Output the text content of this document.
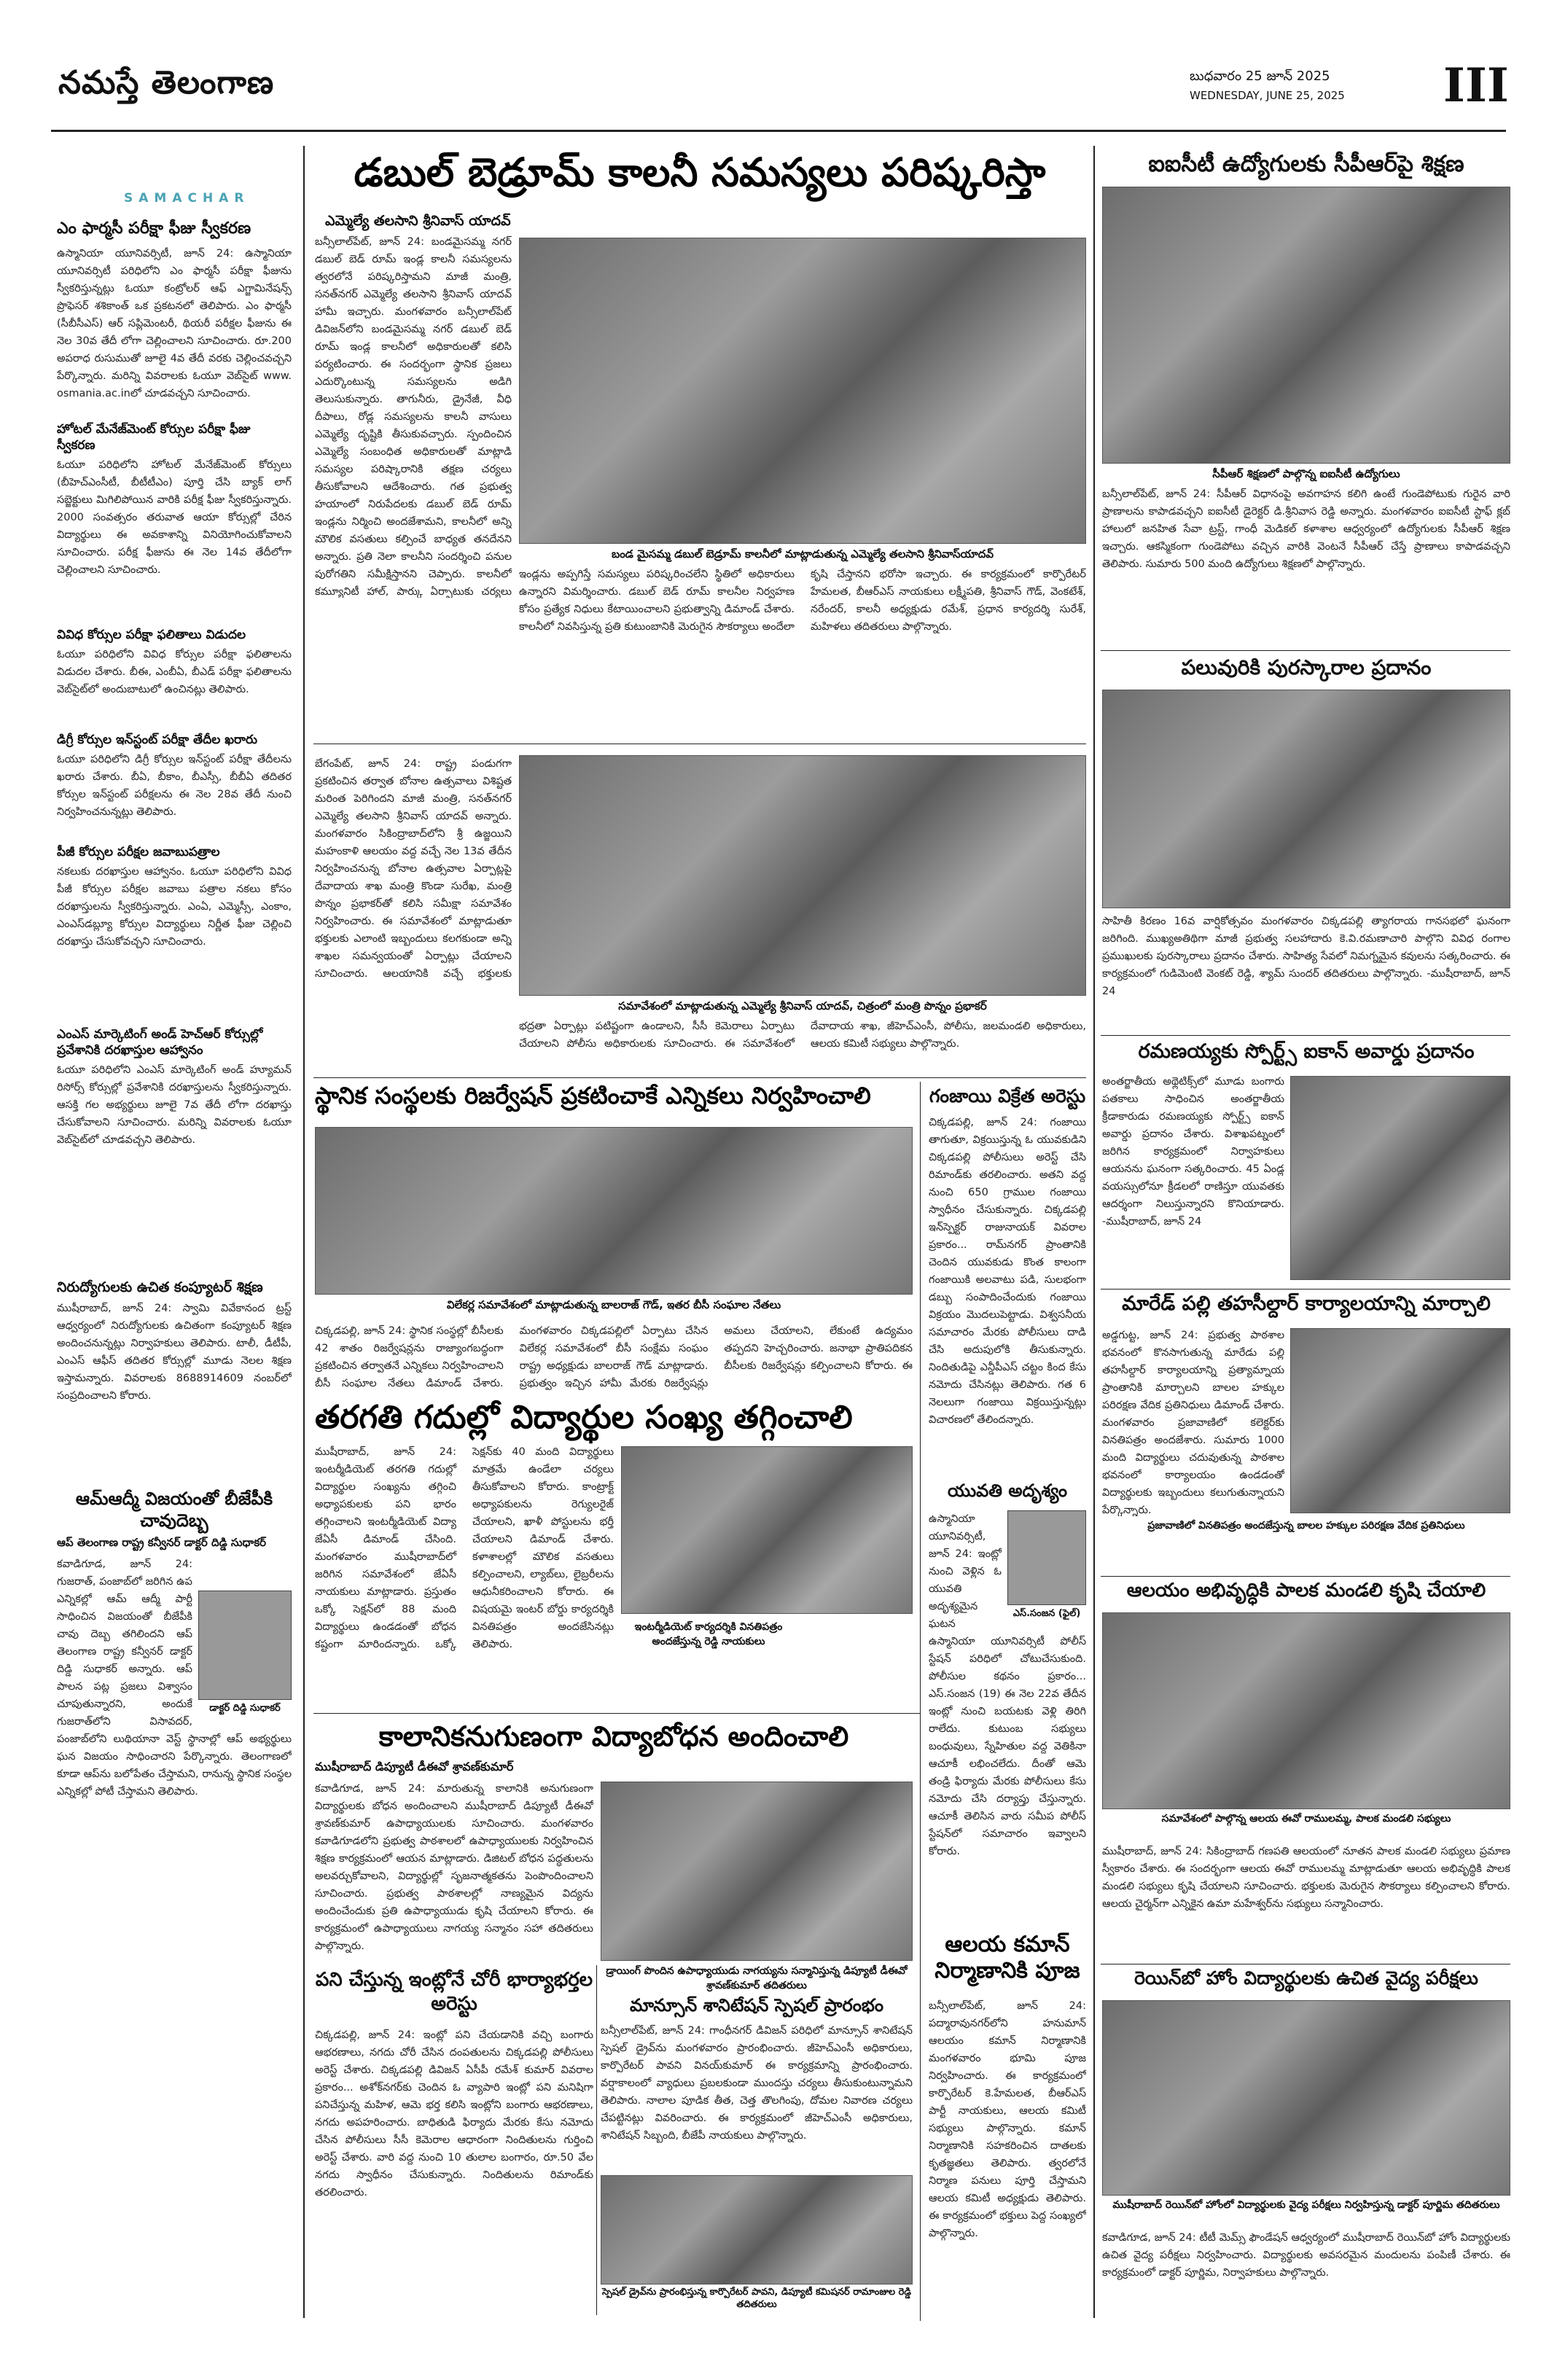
నమస్తే తెలంగాణ	బుధవారం 25 జూన్ 2025
WEDNESDAY, JUNE 25, 2025 III
SAMACHAR
ఎం ఫార్మసీ పరీక్షా ఫీజు స్వీకరణ
ఉస్మానియా యూనివర్సిటీ, జూన్ 24: ఉస్మానియా యూనివర్సిటీ పరిధిలోని ఎం ఫార్మసీ పరీక్షా ఫీజును స్వీకరిస్తున్నట్లు ఓయూ కంట్రోలర్ ఆఫ్ ఎగ్జామినేషన్స్ ప్రొఫెసర్ శశికాంత్ ఒక ప్రకటనలో తెలిపారు. ఎం ఫార్మసీ (సీబీసీఎస్) ఆర్ సప్లిమెంటరీ, థియరీ పరీక్షల ఫీజును ఈ నెల 30వ తేదీ లోగా చెల్లించాలని సూచించారు. రూ.200 అపరాధ రుసుముతో జూలై 4వ తేదీ వరకు చెల్లించవచ్చని పేర్కొన్నారు. మరిన్ని వివరాలకు ఓయూ వెబ్‌సైట్ www. osmania.ac.inలో చూడవచ్చని సూచించారు.
హోటల్ మేనేజ్‌మెంట్ కోర్సుల పరీక్షా ఫీజు స్వీకరణ
ఓయూ పరిధిలోని హోటల్ మేనేజ్‌మెంట్ కోర్సులు (బీహెచ్ఎంసీటీ, బీటీటీఎం) పూర్తి చేసి బ్యాక్ లాగ్ సబ్జెక్టులు మిగిలిపోయిన వారికి పరీక్ష ఫీజు స్వీకరిస్తున్నారు. 2000 సంవత్సరం తరువాత ఆయా కోర్సుల్లో చేరిన విద్యార్థులు ఈ అవకాశాన్ని వినియోగించుకోవాలని సూచించారు. పరీక్ష ఫీజును ఈ నెల 14వ తేదీలోగా చెల్లించాలని సూచించారు.
వివిధ కోర్సుల పరీక్షా ఫలితాలు విడుదల
ఓయూ పరిధిలోని వివిధ కోర్సుల పరీక్షా ఫలితాలను విడుదల చేశారు. బీఈ, ఎంబీఏ, బీఎడ్ పరీక్షా ఫలితాలను వెబ్‌సైట్‌లో అందుబాటులో ఉంచినట్లు తెలిపారు.
డిగ్రీ కోర్సుల ఇన్‌స్టంట్ పరీక్షా తేదీల ఖరారు
ఓయూ పరిధిలోని డిగ్రీ కోర్సుల ఇన్‌స్టంట్ పరీక్షా తేదీలను ఖరారు చేశారు. బీఏ, బీకాం, బీఎస్సీ, బీబీఏ తదితర కోర్సుల ఇన్‌స్టంట్ పరీక్షలను ఈ నెల 28వ తేదీ నుంచి నిర్వహించనున్నట్లు తెలిపారు.
పీజీ కోర్సుల పరీక్షల జవాబుపత్రాల
నకలుకు దరఖాస్తుల ఆహ్వానం. ఓయూ పరిధిలోని వివిధ పీజీ కోర్సుల పరీక్షల జవాబు పత్రాల నకలు కోసం దరఖాస్తులను స్వీకరిస్తున్నారు. ఎంఏ, ఎమ్మెస్సీ, ఎంకాం, ఎంఎస్‌డబ్ల్యూ కోర్సుల విద్యార్థులు నిర్ణీత ఫీజు చెల్లించి దరఖాస్తు చేసుకోవచ్చని సూచించారు.
ఎంఎస్ మార్కెటింగ్ అండ్ హెచ్ఆర్ కోర్సుల్లో ప్రవేశానికి దరఖాస్తుల ఆహ్వానం
ఓయూ పరిధిలోని ఎంఎస్ మార్కెటింగ్ అండ్ హ్యూమన్ రిసోర్స్ కోర్సుల్లో ప్రవేశానికి దరఖాస్తులను స్వీకరిస్తున్నారు. ఆసక్తి గల అభ్యర్థులు జూలై 7వ తేదీ లోగా దరఖాస్తు చేసుకోవాలని సూచించారు. మరిన్ని వివరాలకు ఓయూ వెబ్‌సైట్‌లో చూడవచ్చని తెలిపారు.
నిరుద్యోగులకు ఉచిత కంప్యూటర్ శిక్షణ
ముషీరాబాద్, జూన్ 24: స్వామి వివేకానంద ట్రస్ట్ ఆధ్వర్యంలో నిరుద్యోగులకు ఉచితంగా కంప్యూటర్ శిక్షణ అందించనున్నట్లు నిర్వాహకులు తెలిపారు. టాలీ, డీటీపీ, ఎంఎస్ ఆఫీస్ తదితర కోర్సుల్లో మూడు నెలల శిక్షణ ఇస్తామన్నారు. వివరాలకు 8688914609 నంబర్‌లో సంప్రదించాలని కోరారు.
ఆమ్‌ఆద్మీ విజయంతో బీజేపీకి చావుదెబ్బ
ఆప్ తెలంగాణ రాష్ట్ర కన్వీనర్ డాక్టర్ దిడ్డి సుధాకర్
డాక్టర్ దిడ్డి సుధాకర్
కవాడిగూడ, జూన్ 24: గుజరాత్, పంజాబ్‌లో జరిగిన ఉప ఎన్నికల్లో ఆమ్ ఆద్మీ పార్టీ సాధించిన విజయంతో బీజేపీకి చావు దెబ్బ తగిలిందని ఆప్ తెలంగాణ రాష్ట్ర కన్వీనర్ డాక్టర్ దిడ్డి సుధాకర్ అన్నారు. ఆప్ పాలన పట్ల ప్రజలు విశ్వాసం చూపుతున్నారని, అందుకే గుజరాత్‌లోని విసావదర్, పంజాబ్‌లోని లుథియానా వెస్ట్ స్థానాల్లో ఆప్ అభ్యర్థులు ఘన విజయం సాధించారని పేర్కొన్నారు. తెలంగాణలో కూడా ఆప్‌ను బలోపేతం చేస్తామని, రానున్న స్థానిక సంస్థల ఎన్నికల్లో పోటీ చేస్తామని తెలిపారు.
డబుల్ బెడ్రూమ్ కాలనీ సమస్యలు పరిష్కరిస్తా
ఎమ్మెల్యే తలసాని శ్రీనివాస్ యాదవ్
బన్సీలాల్‌పేట్, జూన్ 24: బండమైసమ్మ నగర్ డబుల్ బెడ్ రూమ్ ఇండ్ల కాలనీ సమస్యలను త్వరలోనే పరిష్కరిస్తామని మాజీ మంత్రి, సనత్‌నగర్ ఎమ్మెల్యే తలసాని శ్రీనివాస్ యాదవ్ హామీ ఇచ్చారు. మంగళవారం బన్సీలాల్‌పేట్ డివిజన్‌లోని బండమైసమ్మ నగర్ డబుల్ బెడ్ రూమ్ ఇండ్ల కాలనీలో అధికారులతో కలిసి పర్యటించారు. ఈ సందర్భంగా స్థానిక ప్రజలు ఎదుర్కొంటున్న సమస్యలను అడిగి తెలుసుకున్నారు. తాగునీరు, డ్రైనేజీ, వీధి దీపాలు, రోడ్ల సమస్యలను కాలనీ వాసులు ఎమ్మెల్యే దృష్టికి తీసుకువచ్చారు. స్పందించిన ఎమ్మెల్యే సంబంధిత అధికారులతో మాట్లాడి సమస్యల పరిష్కారానికి తక్షణ చర్యలు తీసుకోవాలని ఆదేశించారు. గత ప్రభుత్వ హయాంలో నిరుపేదలకు డబుల్ బెడ్ రూమ్ ఇండ్లను నిర్మించి అందజేశామని, కాలనీలో అన్ని మౌలిక వసతులు కల్పించే బాధ్యత తనదేనని అన్నారు. ప్రతి నెలా కాలనీని సందర్శించి పనుల పురోగతిని సమీక్షిస్తానని చెప్పారు. కాలనీలో కమ్యూనిటీ హాల్, పార్కు ఏర్పాటుకు చర్యలు
బండ మైసమ్మ డబుల్ బెడ్రూమ్ కాలనీలో మాట్లాడుతున్న ఎమ్మెల్యే తలసాని శ్రీనివాస్‌యాదవ్
ఇండ్లను అప్పగిస్తే సమస్యలు పరిష్కరించలేని స్థితిలో అధికారులు ఉన్నారని విమర్శించారు. డబుల్ బెడ్ రూమ్ కాలనీల నిర్వహణ కోసం ప్రత్యేక నిధులు కేటాయించాలని ప్రభుత్వాన్ని డిమాండ్ చేశారు. కాలనీలో నివసిస్తున్న ప్రతి కుటుంబానికి మెరుగైన సౌకర్యాలు అందేలా కృషి చేస్తానని భరోసా ఇచ్చారు. ఈ కార్యక్రమంలో కార్పొరేటర్ హేమలత, బీఆర్ఎస్ నాయకులు లక్ష్మీపతి, శ్రీనివాస్ గౌడ్, వెంకటేశ్, నరేందర్, కాలనీ అధ్యక్షుడు రమేశ్, ప్రధాన కార్యదర్శి సురేశ్, మహిళలు తదితరులు పాల్గొన్నారు.
బేగంపేట్, జూన్ 24: రాష్ట్ర పండుగగా ప్రకటించిన తర్వాత బోనాల ఉత్సవాలు విశిష్టత మరింత పెరిగిందని మాజీ మంత్రి, సనత్‌నగర్ ఎమ్మెల్యే తలసాని శ్రీనివాస్ యాదవ్ అన్నారు. మంగళవారం సికింద్రాబాద్‌లోని శ్రీ ఉజ్జయిని మహంకాళి ఆలయం వద్ద వచ్చే నెల 13వ తేదీన నిర్వహించనున్న బోనాల ఉత్సవాల ఏర్పాట్లపై దేవాదాయ శాఖ మంత్రి కొండా సురేఖ, మంత్రి పొన్నం ప్రభాకర్‌తో కలిసి సమీక్షా సమావేశం నిర్వహించారు. ఈ సమావేశంలో మాట్లాడుతూ భక్తులకు ఎలాంటి ఇబ్బందులు కలగకుండా అన్ని శాఖల సమన్వయంతో ఏర్పాట్లు చేయాలని సూచించారు. ఆలయానికి వచ్చే భక్తులకు
సమావేశంలో మాట్లాడుతున్న ఎమ్మెల్యే శ్రీనివాస్ యాదవ్, చిత్రంలో మంత్రి పొన్నం ప్రభాకర్
భద్రతా ఏర్పాట్లు పటిష్టంగా ఉండాలని, సీసీ కెమెరాలు ఏర్పాటు చేయాలని పోలీసు అధికారులకు సూచించారు. ఈ సమావేశంలో దేవాదాయ శాఖ, జీహెచ్ఎంసీ, పోలీసు, జలమండలి అధికారులు, ఆలయ కమిటీ సభ్యులు పాల్గొన్నారు.
స్థానిక సంస్థలకు రిజర్వేషన్ ప్రకటించాకే ఎన్నికలు నిర్వహించాలి
విలేకర్ల సమావేశంలో మాట్లాడుతున్న బాలరాజ్ గౌడ్, ఇతర బీసీ సంఘాల నేతలు
చిక్కడపల్లి, జూన్ 24: స్థానిక సంస్థల్లో బీసీలకు 42 శాతం రిజర్వేషన్లను రాజ్యాంగబద్ధంగా ప్రకటించిన తర్వాతనే ఎన్నికలు నిర్వహించాలని బీసీ సంఘాల నేతలు డిమాండ్ చేశారు. మంగళవారం చిక్కడపల్లిలో ఏర్పాటు చేసిన విలేకర్ల సమావేశంలో బీసీ సంక్షేమ సంఘం రాష్ట్ర అధ్యక్షుడు బాలరాజ్ గౌడ్ మాట్లాడారు. ప్రభుత్వం ఇచ్చిన హామీ మేరకు రిజర్వేషన్లు అమలు చేయాలని, లేకుంటే ఉద్యమం తప్పదని హెచ్చరించారు. జనాభా ప్రాతిపదికన బీసీలకు రిజర్వేషన్లు కల్పించాలని కోరారు. ఈ
గంజాయి విక్రేత అరెస్టు
చిక్కడపల్లి, జూన్ 24: గంజాయి తాగుతూ, విక్రయిస్తున్న ఓ యువకుడిని చిక్కడపల్లి పోలీసులు అరెస్ట్ చేసి రిమాండ్‌కు తరలించారు. అతని వద్ద నుంచి 650 గ్రాముల గంజాయి స్వాధీనం చేసుకున్నారు. చిక్కడపల్లి ఇన్‌స్పెక్టర్ రాజునాయక్ వివరాల ప్రకారం... రామ్‌నగర్ ప్రాంతానికి చెందిన యువకుడు కొంత కాలంగా గంజాయికి అలవాటు పడి, సులభంగా డబ్బు సంపాదించేందుకు గంజాయి విక్రయం మొదలుపెట్టాడు. విశ్వసనీయ సమాచారం మేరకు పోలీసులు దాడి చేసి అదుపులోకి తీసుకున్నారు. నిందితుడిపై ఎన్డీపీఎస్ చట్టం కింద కేసు నమోదు చేసినట్లు తెలిపారు. గత 6 నెలలుగా గంజాయి విక్రయిస్తున్నట్లు విచారణలో తేలిందన్నారు.
తరగతి గదుల్లో విద్యార్థుల సంఖ్య తగ్గించాలి
ముషీరాబాద్, జూన్ 24: ఇంటర్మీడియెట్ తరగతి గదుల్లో విద్యార్థుల సంఖ్యను తగ్గించి అధ్యాపకులకు పని భారం తగ్గించాలని ఇంటర్మీడియెట్ విద్యా జేఏసీ డిమాండ్ చేసింది. మంగళవారం ముషీరాబాద్‌లో జరిగిన సమావేశంలో జేఏసీ నాయకులు మాట్లాడారు. ప్రస్తుతం ఒక్కో సెక్షన్‌లో 88 మంది విద్యార్థులు ఉండడంతో బోధన కష్టంగా మారిందన్నారు. ఒక్కో సెక్షన్‌కు 40 మంది విద్యార్థులు మాత్రమే ఉండేలా చర్యలు తీసుకోవాలని కోరారు. కాంట్రాక్ట్ అధ్యాపకులను రెగ్యులరైజ్ చేయాలని, ఖాళీ పోస్టులను భర్తీ చేయాలని డిమాండ్ చేశారు. కళాశాలల్లో మౌలిక వసతులు కల్పించాలని, ల్యాబ్‌లు, లైబ్రరీలను ఆధునీకరించాలని కోరారు. ఈ విషయమై ఇంటర్ బోర్డు కార్యదర్శికి వినతిపత్రం అందజేసినట్లు తెలిపారు.
ఇంటర్మీడియెట్ కార్యదర్శికి వినతిపత్రం అందజేస్తున్న రెడ్డి నాయకులు
యువతి అదృశ్యం
ఎస్.సంజన (ఫైల్)
ఉస్మానియా యూనివర్సిటీ, జూన్ 24: ఇంట్లో నుంచి వెళ్లిన ఓ యువతి అదృశ్యమైన ఘటన ఉస్మానియా యూనివర్సిటీ పోలీస్ స్టేషన్ పరిధిలో చోటుచేసుకుంది. పోలీసుల కథనం ప్రకారం... ఎస్.సంజన (19) ఈ నెల 22వ తేదీన ఇంట్లో నుంచి బయటకు వెళ్లి తిరిగి రాలేదు. కుటుంబ సభ్యులు బంధువులు, స్నేహితుల వద్ద వెతికినా ఆచూకీ లభించలేదు. దీంతో ఆమె తండ్రి ఫిర్యాదు మేరకు పోలీసులు కేసు నమోదు చేసి దర్యాప్తు చేస్తున్నారు. ఆచూకీ తెలిసిన వారు సమీప పోలీస్ స్టేషన్‌లో సమాచారం ఇవ్వాలని కోరారు.
కాలానికనుగుణంగా విద్యాబోధన అందించాలి
ముషీరాబాద్ డిప్యూటీ డీఈవో శ్రావణ్‌కుమార్
కవాడిగూడ, జూన్ 24: మారుతున్న కాలానికి అనుగుణంగా విద్యార్థులకు బోధన అందించాలని ముషీరాబాద్ డిప్యూటీ డీఈవో శ్రావణ్‌కుమార్ ఉపాధ్యాయులకు సూచించారు. మంగళవారం కవాడిగూడలోని ప్రభుత్వ పాఠశాలలో ఉపాధ్యాయులకు నిర్వహించిన శిక్షణ కార్యక్రమంలో ఆయన మాట్లాడారు. డిజిటల్ బోధన పద్ధతులను అలవర్చుకోవాలని, విద్యార్థుల్లో సృజనాత్మకతను పెంపొందించాలని సూచించారు. ప్రభుత్వ పాఠశాలల్లో నాణ్యమైన విద్యను అందించేందుకు ప్రతి ఉపాధ్యాయుడు కృషి చేయాలని కోరారు. ఈ కార్యక్రమంలో ఉపాధ్యాయులు నాగయ్య సన్మానం సహా తదితరులు పాల్గొన్నారు.
పని చేస్తున్న ఇంట్లోనే చోరీ భార్యాభర్తల అరెస్టు
చిక్కడపల్లి, జూన్ 24: ఇంట్లో పని చేయడానికి వచ్చి బంగారు ఆభరణాలు, నగదు చోరీ చేసిన దంపతులను చిక్కడపల్లి పోలీసులు అరెస్ట్ చేశారు. చిక్కడపల్లి డివిజన్ ఏసీపీ రమేశ్ కుమార్ వివరాల ప్రకారం... అశోక్‌నగర్‌కు చెందిన ఓ వ్యాపారి ఇంట్లో పని మనిషిగా పనిచేస్తున్న మహిళ, ఆమె భర్త కలిసి ఇంట్లోని బంగారు ఆభరణాలు, నగదు అపహరించారు. బాధితుడి ఫిర్యాదు మేరకు కేసు నమోదు చేసిన పోలీసులు సీసీ కెమెరాల ఆధారంగా నిందితులను గుర్తించి అరెస్ట్ చేశారు. వారి వద్ద నుంచి 10 తులాల బంగారం, రూ.50 వేల నగదు స్వాధీనం చేసుకున్నారు. నిందితులను రిమాండ్‌కు తరలించారు.
డ్రాయింగ్ పొందిన ఉపాధ్యాయుడు నాగయ్యను సన్మానిస్తున్న డిప్యూటీ డీఈవో శ్రావణ్‌కుమార్ తదితరులు
మాన్సూన్ శానిటేషన్ స్పెషల్ ప్రారంభం
బన్సీలాల్‌పేట్, జూన్ 24: గాంధీనగర్ డివిజన్ పరిధిలో మాన్సూన్ శానిటేషన్ స్పెషల్ డ్రైవ్‌ను మంగళవారం ప్రారంభించారు. జీహెచ్ఎంసీ అధికారులు, కార్పొరేటర్ పావని వినయ్‌కుమార్ ఈ కార్యక్రమాన్ని ప్రారంభించారు. వర్షాకాలంలో వ్యాధులు ప్రబలకుండా ముందస్తు చర్యలు తీసుకుంటున్నామని తెలిపారు. నాలాల పూడిక తీత, చెత్త తొలగింపు, దోమల నివారణ చర్యలు చేపట్టినట్లు వివరించారు. ఈ కార్యక్రమంలో జీహెచ్ఎంసీ అధికారులు, శానిటేషన్ సిబ్బంది, బీజేపీ నాయకులు పాల్గొన్నారు.
స్పెషల్ డ్రైవ్‌ను ప్రారంభిస్తున్న కార్పొరేటర్ పావని, డిప్యూటీ కమిషనర్ రామాంజుల రెడ్డి తదితరులు
ఆలయ కమాన్ నిర్మాణానికి పూజ
బన్సీలాల్‌పేట్, జూన్ 24: పద్మారావునగర్‌లోని హనుమాన్ ఆలయం కమాన్ నిర్మాణానికి మంగళవారం భూమి పూజ నిర్వహించారు. ఈ కార్యక్రమంలో కార్పొరేటర్ కె.హేమలత, బీఆర్ఎస్ పార్టీ నాయకులు, ఆలయ కమిటీ సభ్యులు పాల్గొన్నారు. కమాన్ నిర్మాణానికి సహకరించిన దాతలకు కృతజ్ఞతలు తెలిపారు. త్వరలోనే నిర్మాణ పనులు పూర్తి చేస్తామని ఆలయ కమిటీ అధ్యక్షుడు తెలిపారు. ఈ కార్యక్రమంలో భక్తులు పెద్ద సంఖ్యలో పాల్గొన్నారు.
ఐఐసీటీ ఉద్యోగులకు సీపీఆర్‌పై శిక్షణ
సీపీఆర్ శిక్షణలో పాల్గొన్న ఐఐసీటీ ఉద్యోగులు
బన్సీలాల్‌పేట్, జూన్ 24: సీపీఆర్ విధానంపై అవగాహన కలిగి ఉంటే గుండెపోటుకు గురైన వారి ప్రాణాలను కాపాడవచ్చని ఐఐసీటీ డైరెక్టర్ డి.శ్రీనివాస రెడ్డి అన్నారు. మంగళవారం ఐఐసీటీ స్టాఫ్ క్లబ్ హాలులో జనహిత సేవా ట్రస్ట్, గాంధీ మెడికల్ కళాశాల ఆధ్వర్యంలో ఉద్యోగులకు సీపీఆర్ శిక్షణ ఇచ్చారు. ఆకస్మికంగా గుండెపోటు వచ్చిన వారికి వెంటనే సీపీఆర్ చేస్తే ప్రాణాలు కాపాడవచ్చని తెలిపారు. సుమారు 500 మంది ఉద్యోగులు శిక్షణలో పాల్గొన్నారు.
పలువురికి పురస్కారాల ప్రదానం
సాహితీ కిరణం 16వ వార్షికోత్సవం మంగళవారం చిక్కడపల్లి త్యాగరాయ గానసభలో ఘనంగా జరిగింది. ముఖ్యఅతిథిగా మాజీ ప్రభుత్వ సలహాదారు కె.వి.రమణాచారి పాల్గొని వివిధ రంగాల ప్రముఖులకు పురస్కారాలు ప్రదానం చేశారు. సాహిత్య సేవలో నిమగ్నమైన కవులను సత్కరించారు. ఈ కార్యక్రమంలో గుడిమెంటి వెంకట్ రెడ్డి, శ్యామ్ సుందర్ తదితరులు పాల్గొన్నారు. -ముషీరాబాద్, జూన్ 24
రమణయ్యకు స్పోర్ట్స్ ఐకాన్ అవార్డు ప్రదానం
అంతర్జాతీయ అథ్లెటిక్స్‌లో మూడు బంగారు పతకాలు సాధించిన అంతర్జాతీయ క్రీడాకారుడు రమణయ్యకు స్పోర్ట్స్ ఐకాన్ అవార్డు ప్రదానం చేశారు. విశాఖపట్నంలో జరిగిన కార్యక్రమంలో నిర్వాహకులు ఆయనను ఘనంగా సత్కరించారు. 45 ఏండ్ల వయస్సులోనూ క్రీడలలో రాణిస్తూ యువతకు ఆదర్శంగా నిలుస్తున్నారని కొనియాడారు. -ముషీరాబాద్, జూన్ 24
మారేడ్ పల్లి తహసీల్దార్ కార్యాలయాన్ని మార్చాలి
అడ్డగుట్ట, జూన్ 24: ప్రభుత్వ పాఠశాల భవనంలో కొనసాగుతున్న మారేడు పల్లి తహసీల్దార్ కార్యాలయాన్ని ప్రత్యామ్నాయ ప్రాంతానికి మార్చాలని బాలల హక్కుల పరిరక్షణ వేదిక ప్రతినిధులు డిమాండ్ చేశారు. మంగళవారం ప్రజావాణిలో కలెక్టర్‌కు వినతిపత్రం అందజేశారు. సుమారు 1000 మంది విద్యార్థులు చదువుతున్న పాఠశాల భవనంలో కార్యాలయం ఉండడంతో విద్యార్థులకు ఇబ్బందులు కలుగుతున్నాయని పేర్కొన్నారు.
ప్రజావాణిలో వినతిపత్రం అందజేస్తున్న బాలల హక్కుల పరిరక్షణ వేదిక ప్రతినిధులు
ఆలయం అభివృద్ధికి పాలక మండలి కృషి చేయాలి
సమావేశంలో పాల్గొన్న ఆలయ ఈవో రాములమ్మ, పాలక మండలి సభ్యులు
ముషీరాబాద్, జూన్ 24: సికింద్రాబాద్ గణపతి ఆలయంలో నూతన పాలక మండలి సభ్యులు ప్రమాణ స్వీకారం చేశారు. ఈ సందర్భంగా ఆలయ ఈవో రాములమ్మ మాట్లాడుతూ ఆలయ అభివృద్ధికి పాలక మండలి సభ్యులు కృషి చేయాలని సూచించారు. భక్తులకు మెరుగైన సౌకర్యాలు కల్పించాలని కోరారు. ఆలయ చైర్మన్‌గా ఎన్నికైన ఉమా మహేశ్వర్‌ను సభ్యులు సన్మానించారు.
రెయిన్‌బో హోం విద్యార్థులకు ఉచిత వైద్య పరీక్షలు
ముషీరాబాద్ రెయిన్‌బో హోంలో విద్యార్థులకు వైద్య పరీక్షలు నిర్వహిస్తున్న డాక్టర్ పూర్ణిమ తదితరులు
కవాడిగూడ, జూన్ 24: టీటీ మెమ్స్ ఫౌండేషన్ ఆధ్వర్యంలో ముషీరాబాద్ రెయిన్‌బో హోం విద్యార్థులకు ఉచిత వైద్య పరీక్షలు నిర్వహించారు. విద్యార్థులకు అవసరమైన మందులను పంపిణీ చేశారు. ఈ కార్యక్రమంలో డాక్టర్ పూర్ణిమ, నిర్వాహకులు పాల్గొన్నారు.
